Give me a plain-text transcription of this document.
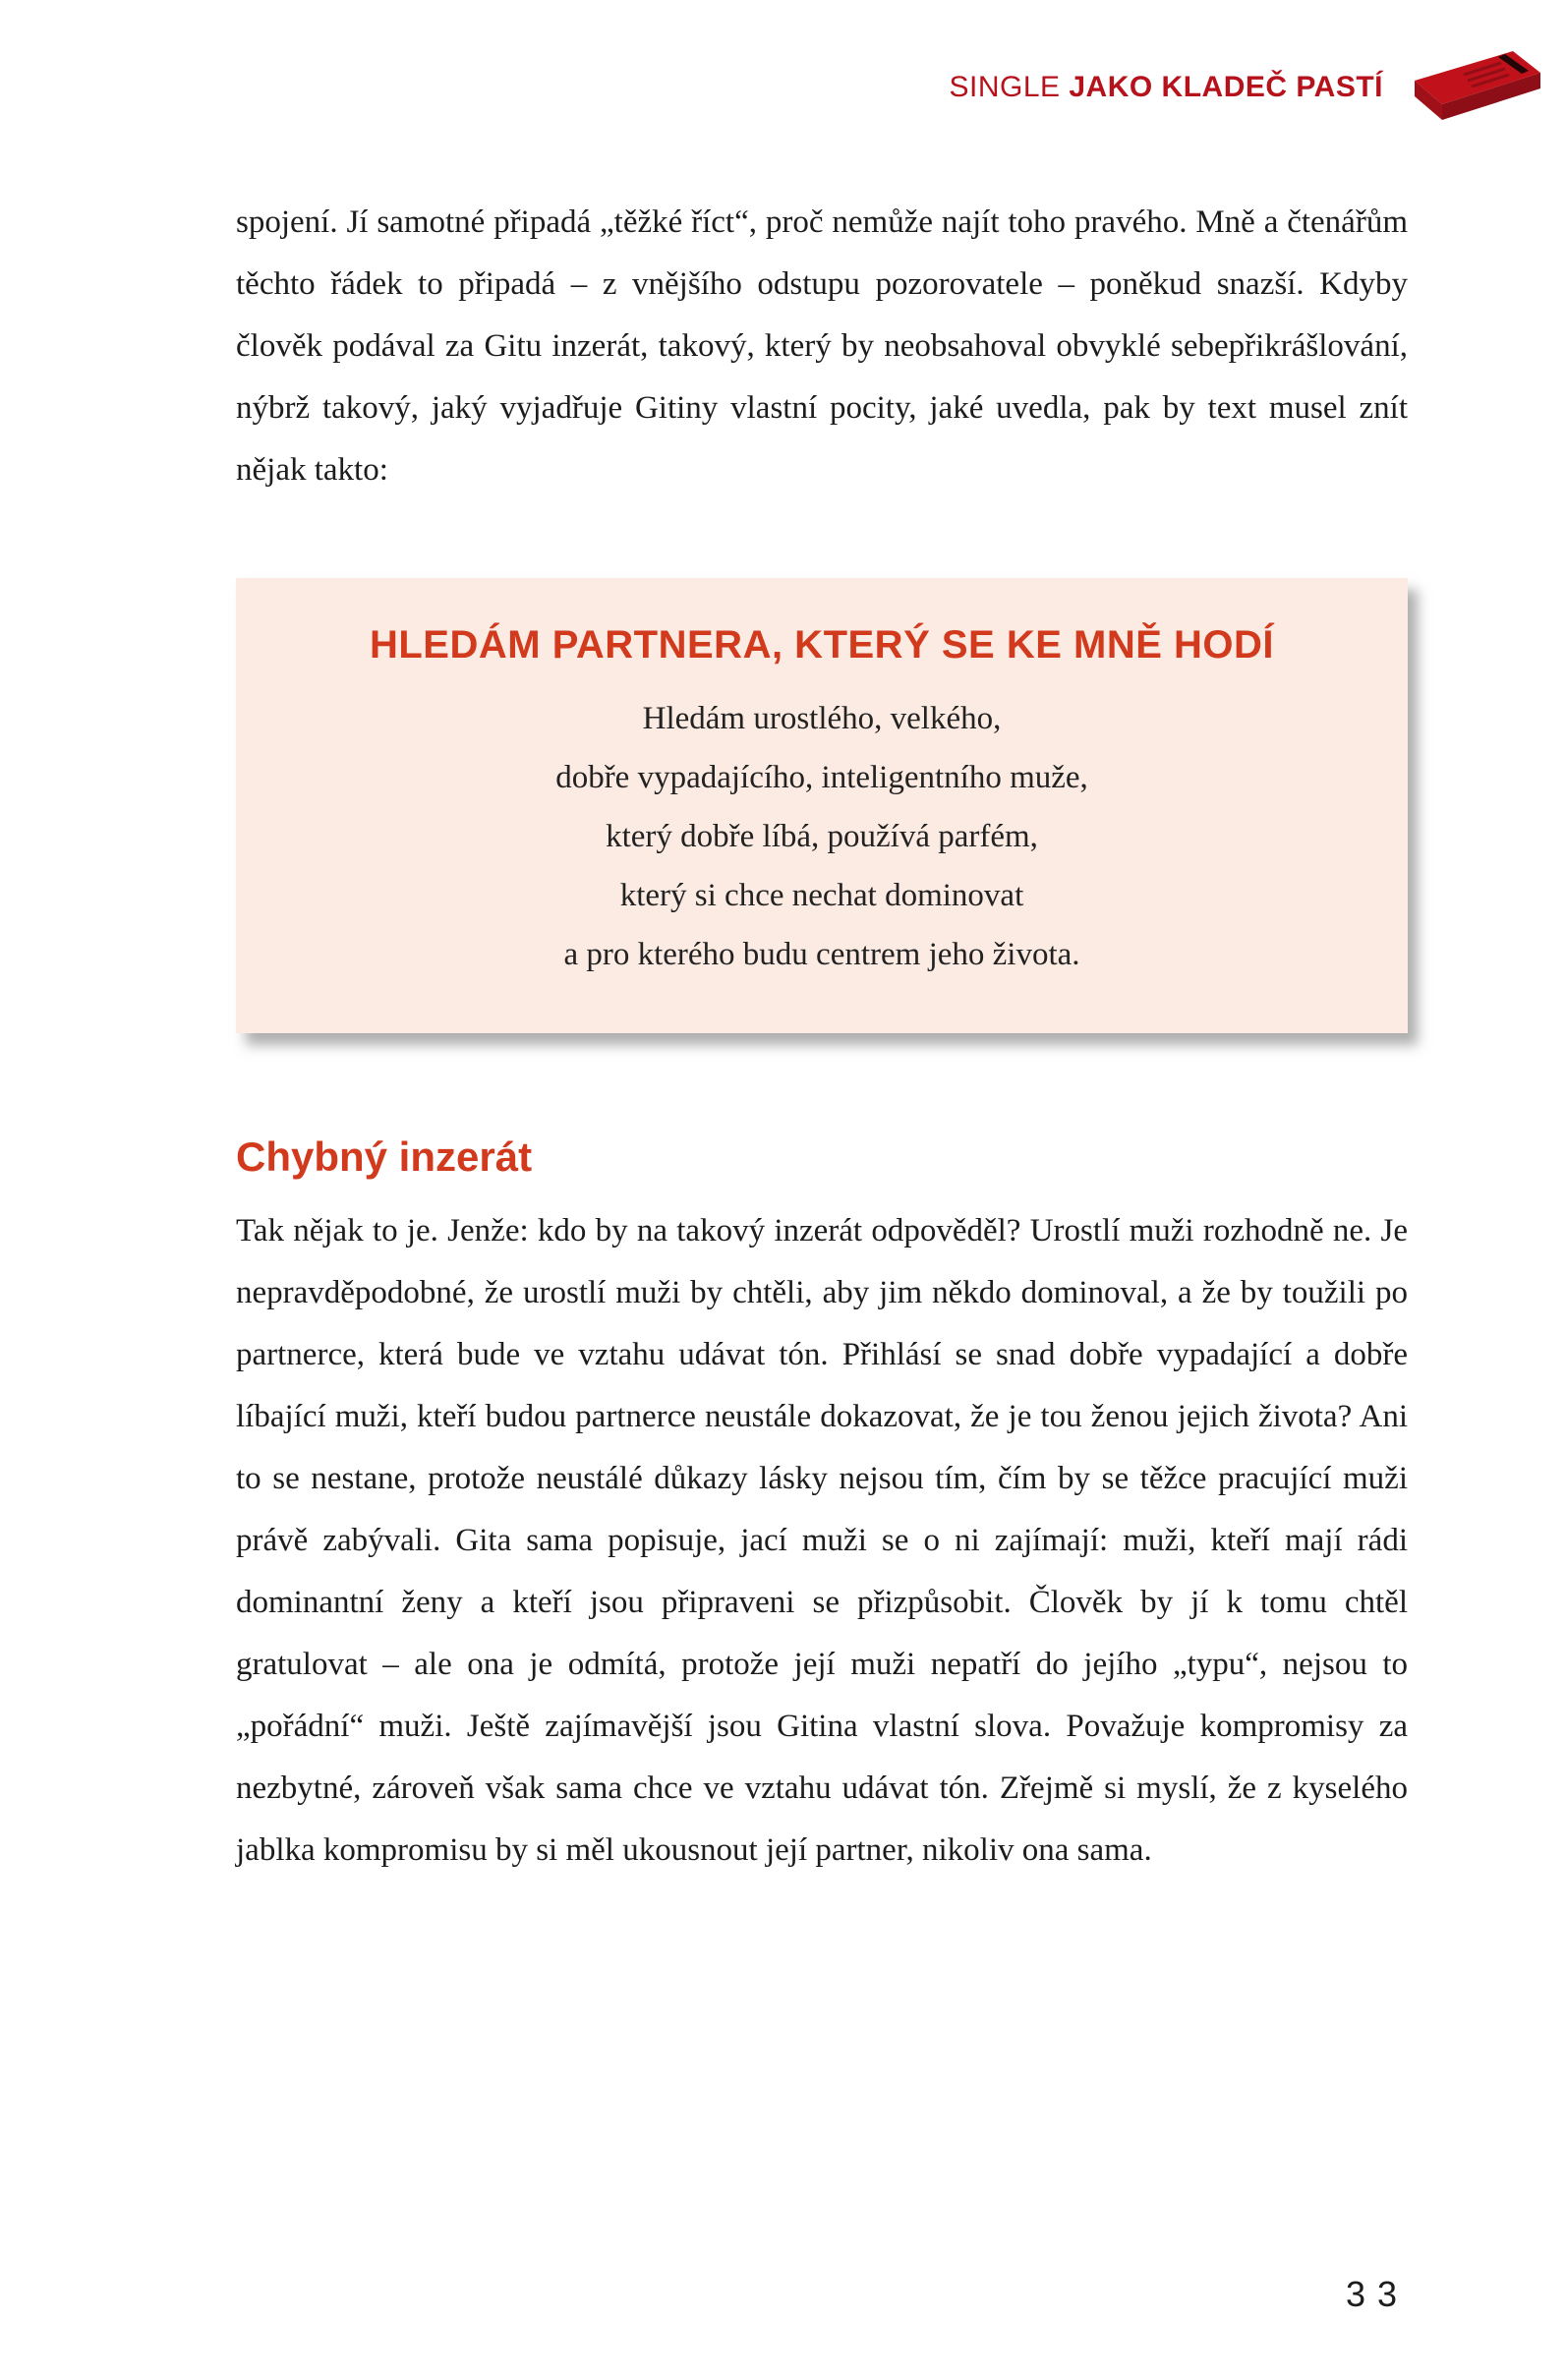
SINGLE JAKO KLADEČ PASTÍ

spojení. Jí samotné připadá „těžké říct“, proč nemůže najít toho pravého. Mně a čtenářům těchto řádek to připadá – z vnějšího odstupu pozorovatele – poněkud snazší. Kdyby člověk podával za Gitu inzerát, takový, který by neobsahoval obvyklé sebepřikrášlování, nýbrž takový, jaký vyjadřuje Gitiny vlastní pocity, jaké uvedla, pak by text musel znít nějak takto:

HLEDÁM PARTNERA, KTERÝ SE KE MNĚ HODÍ

Hledám urostlého, velkého,

dobře vypadajícího, inteligentního muže,

který dobře líbá, používá parfém,

který si chce nechat dominovat

a pro kterého budu centrem jeho života.

Chybný inzerát

Tak nějak to je. Jenže: kdo by na takový inzerát odpověděl? Urostlí muži rozhodně ne. Je nepravděpodobné, že urostlí muži by chtěli, aby jim někdo dominoval, a že by toužili po partnerce, která bude ve vztahu udávat tón. Přihlásí se snad dobře vypadající a dobře líbající muži, kteří budou partnerce neustále dokazovat, že je tou ženou jejich života? Ani to se nestane, protože neustálé důkazy lásky nejsou tím, čím by se těžce pracující muži právě zabývali. Gita sama popisuje, jací muži se o ni zajímají: muži, kteří mají rádi dominantní ženy a kteří jsou připraveni se přizpůsobit. Člověk by jí k tomu chtěl gratulovat – ale ona je odmítá, protože její muži nepatří do jejího „typu“, nejsou to „pořádní“ muži. Ještě zajímavější jsou Gitina vlastní slova. Považuje kompromisy za nezbytné, zároveň však sama chce ve vztahu udávat tón. Zřejmě si myslí, že z kyselého jablka kompromisu by si měl ukousnout její partner, nikoliv ona sama.

33
